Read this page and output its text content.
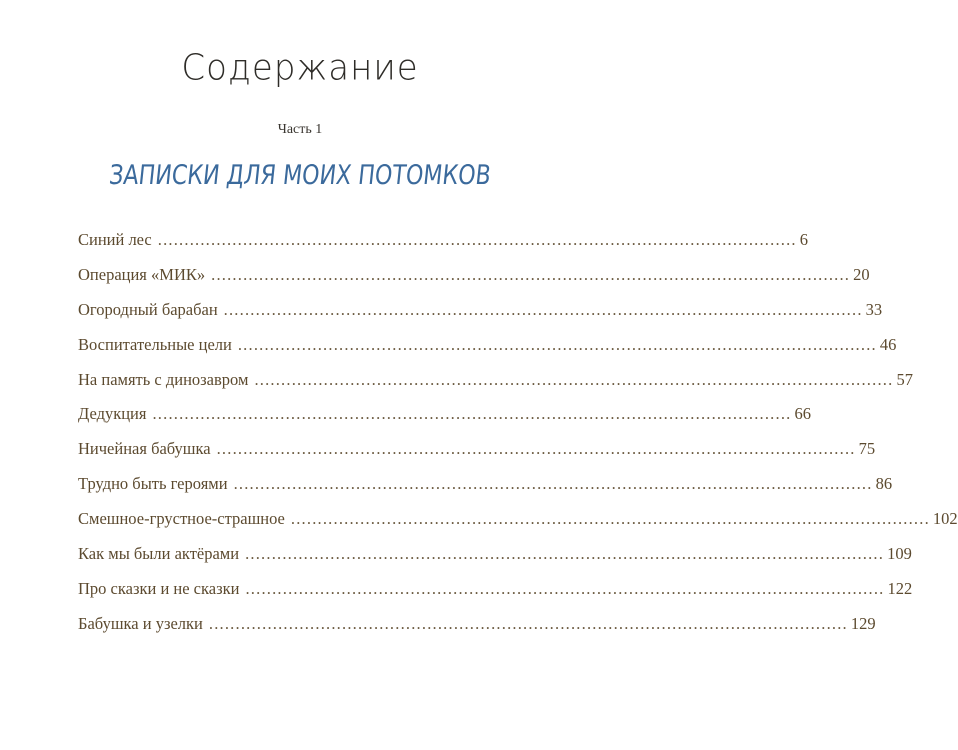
Содержание
Часть 1
ЗАПИСКИ ДЛЯ МОИХ ПОТОМКОВ
Синий лес ........................................................................................................................ 6
Операция «МИК» ........................................................................................................................ 20
Огородный барабан ........................................................................................................................ 33
Воспитательные цели ........................................................................................................................ 46
На память с динозавром ........................................................................................................................ 57
Дедукция ........................................................................................................................ 66
Ничейная бабушка ........................................................................................................................ 75
Трудно быть героями ........................................................................................................................ 86
Смешное-грустное-страшное ........................................................................................................................ 102
Как мы были актёрами ........................................................................................................................ 109
Про сказки и не сказки ........................................................................................................................ 122
Бабушка и узелки ........................................................................................................................ 129
